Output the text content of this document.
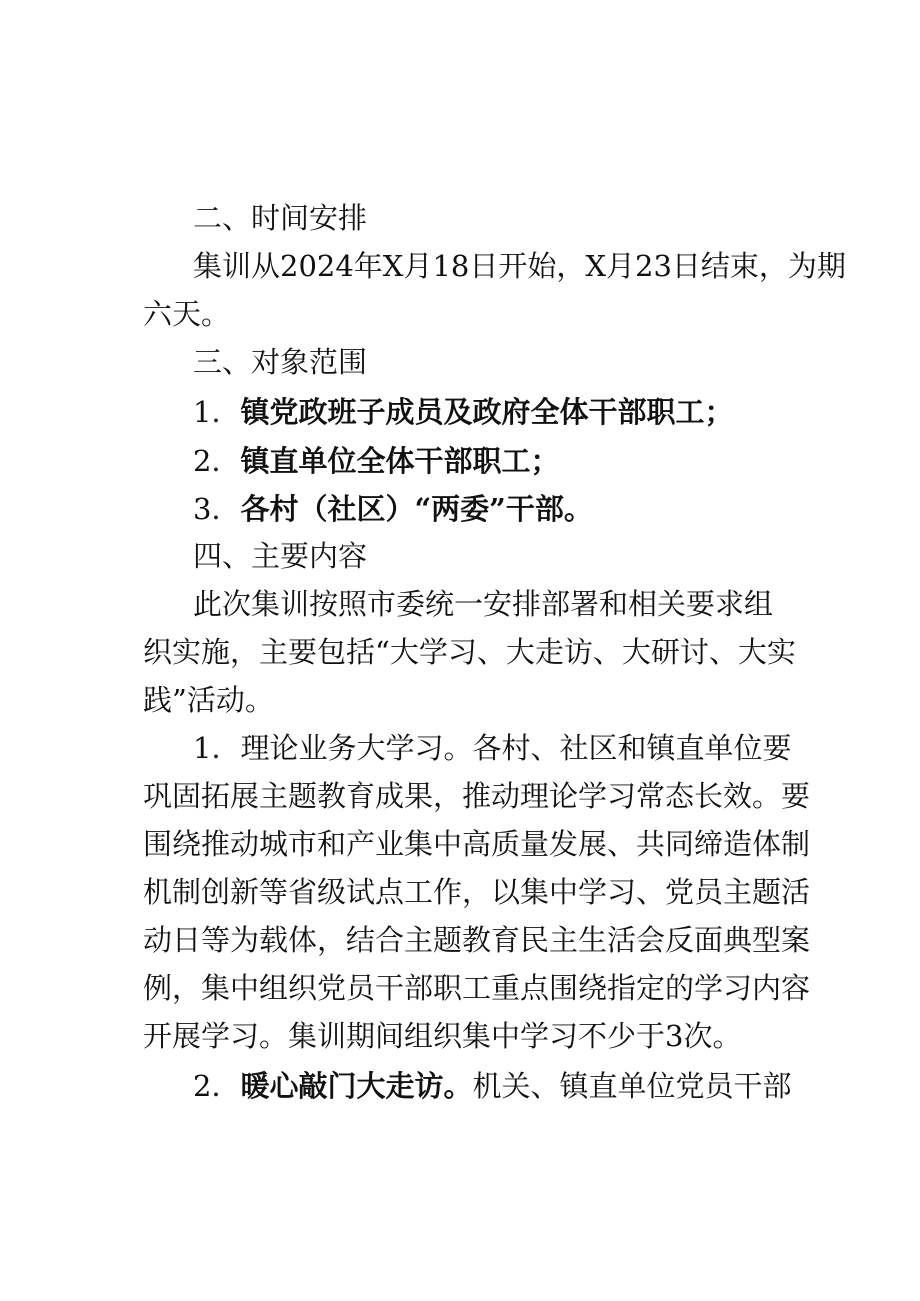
二、时间安排
集训从2024年X月18日开始，X月23日结束，为期
六天。
三、对象范围
1．镇党政班子成员及政府全体干部职工；
2．镇直单位全体干部职工；
3．各村（社区）“两委”干部。
四、主要内容
此次集训按照市委统一安排部署和相关要求组
织实施，主要包括“大学习、大走访、大研讨、大实
践”活动。
1．理论业务大学习。各村、社区和镇直单位要
巩固拓展主题教育成果，推动理论学习常态长效。要
围绕推动城市和产业集中高质量发展、共同缔造体制
机制创新等省级试点工作，以集中学习、党员主题活
动日等为载体，结合主题教育民主生活会反面典型案
例，集中组织党员干部职工重点围绕指定的学习内容
开展学习。集训期间组织集中学习不少于3次。
2．暖心敲门大走访。机关、镇直单位党员干部
